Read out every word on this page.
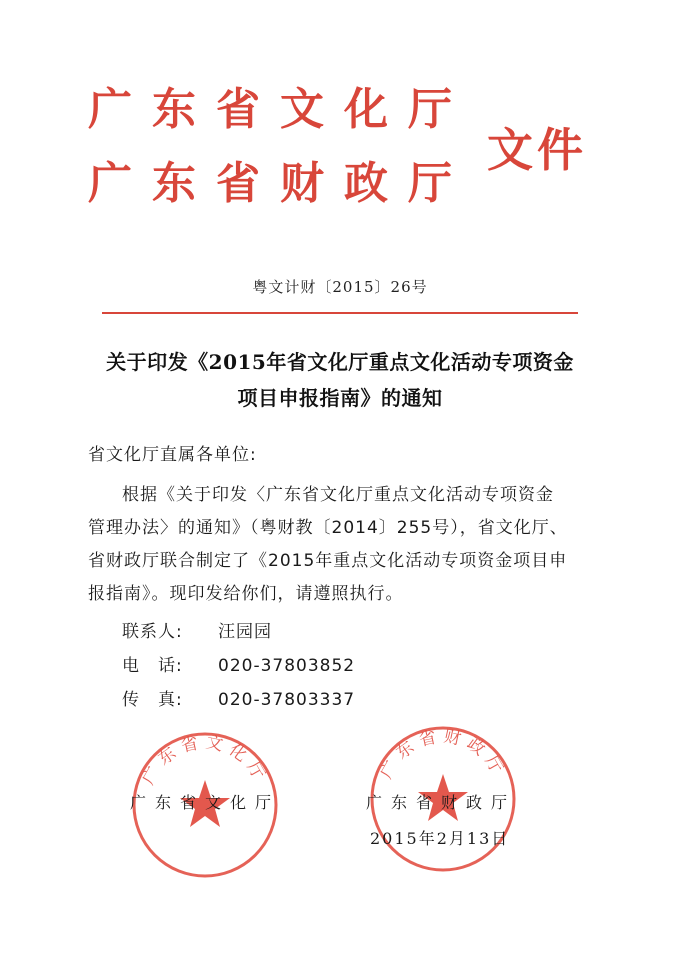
广东省文化厅
广东省财政厅
文件
粤文计财〔2015〕26号
关于印发《2015年省文化厅重点文化活动专项资金
项目申报指南》的通知
省文化厅直属各单位:
根据《关于印发〈广东省文化厅重点文化活动专项资金
管理办法〉的通知》（粤财教〔2014〕255号），省文化厅、
省财政厅联合制定了《2015年重点文化活动专项资金项目申
报指南》。现印发给你们，请遵照执行。
联系人: 汪园园
电　话: 020-37803852
传　真: 020-37803337
广东省文化厅	广东省财政厅
广东省文化厅	广东省财政厅
2015年2月13日
